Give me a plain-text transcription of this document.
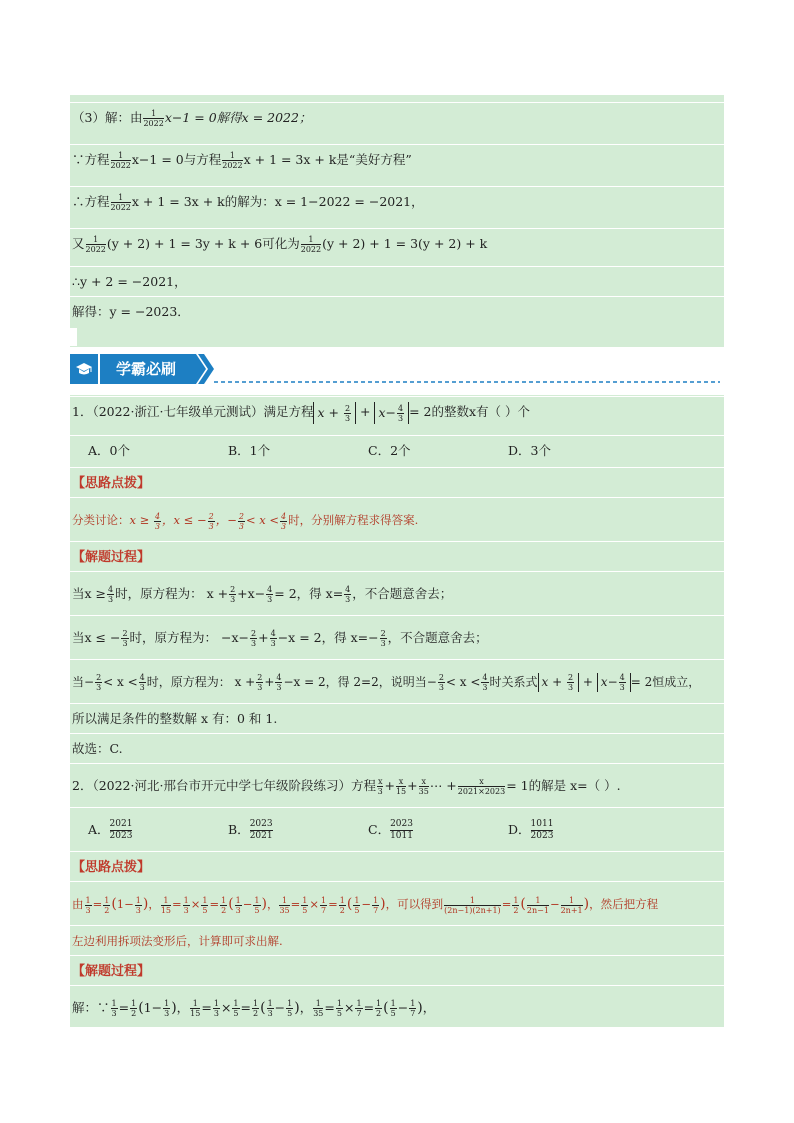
（3）解：由 $\frac{1}{2022} x-1 = 0$解得x = 2022；
∵方程 $\frac{1}{2022} x-1 = 0$与方程 $\frac{1}{2022}$ x + 1 = 3x + k是“美好方程”
∴方程 $\frac{1}{2022}$ x + 1 = 3x + k的解为：x = 1−2022 = −2021，
又 $\frac{1}{2022} (y + 2) + 1 = 3y + k + 6$可化为 $\frac{1}{2022} (y + 2) + 1 = 3(y + 2) + k$
∴y + 2 = −2021，
解得：y = −2023．
学霸必刷
1．（2022·浙江·七年级单元测试）满足方程 $x + \frac{2}{3} + x- \frac{4}{3} = 2$的整数x有（ ）个
A．0个	B．1个	C．2个	D．3个
【思路点拨】
分类讨论：$x \ge \frac{4}{3}$ ，x ≤ − $\frac{2}{3}$ ，− $\frac{2}{3} < x < \frac{4}{3}$ 时，分别解方程求得答案.
【解题过程】
当$x \ge \frac{4}{3}$ 时，原方程为： $x + \frac{2}{3} +x- \frac{4}{3} = 2$，得 $x= \frac{4}{3}$ ，不合题意舍去；
当x ≤ − $\frac{2}{3}$ 时，原方程为： $-x- \frac{2}{3} + \frac{4}{3} -x = 2$，得 $x=- \frac{2}{3}$ ，不合题意舍去；
当− $\frac{2}{3} < x < \frac{4}{3}$ 时，原方程为： $x + \frac{2}{3} + \frac{4}{3} -x = 2$，得 2=2，说明当− $\frac{2}{3} < x < \frac{4}{3}$ 时关系式 $x + \frac{2}{3} + x- \frac{4}{3} = 2$恒成立，
所以满足条件的整数解 x 有：0 和 1.
故选：C.
2．（2022·河北·邢台市开元中学七年级阶段练习）方程 $\frac{x}{3} + \frac{x}{15} + \frac{x}{35}$ ⋯ + $\frac{x}{2021\times 2023} = 1$的解是 x=（ ）.
A． $\frac{2021}{2023}$	B． $\frac{2023}{2021}$	C． $\frac{2023}{1011}$	D． $\frac{1011}{2023}$
【思路点拨】
由 $\frac{1}{3} = \frac{1}{2} (1- \frac{1}{3}$ )， $\frac{1}{15} = \frac{1}{3} \times \frac{1}{5} = \frac{1}{2}$ ( $\frac{1}{3} - \frac{1}{5}$ )， $\frac{1}{35} = \frac{1}{5} \times \frac{1}{7} = \frac{1}{2}$ ( $\frac{1}{5} - \frac{1}{7}$ )，可以得到 $\frac{1}{(2n-1)(2n+1)} = \frac{1}{2}$ ( $\frac{1}{2n-1} - \frac{1}{2n+1}$ )，然后把方程
左边利用拆项法变形后，计算即可求出解.
【解题过程】
解：∵ $\frac{1}{3} = \frac{1}{2} (1- \frac{1}{3}$ )， $\frac{1}{15} = \frac{1}{3} \times \frac{1}{5} = \frac{1}{2}$ ( $\frac{1}{3} - \frac{1}{5}$ )， $\frac{1}{35} = \frac{1}{5} \times \frac{1}{7} = \frac{1}{2}$ ( $\frac{1}{5} - \frac{1}{7}$ )，
